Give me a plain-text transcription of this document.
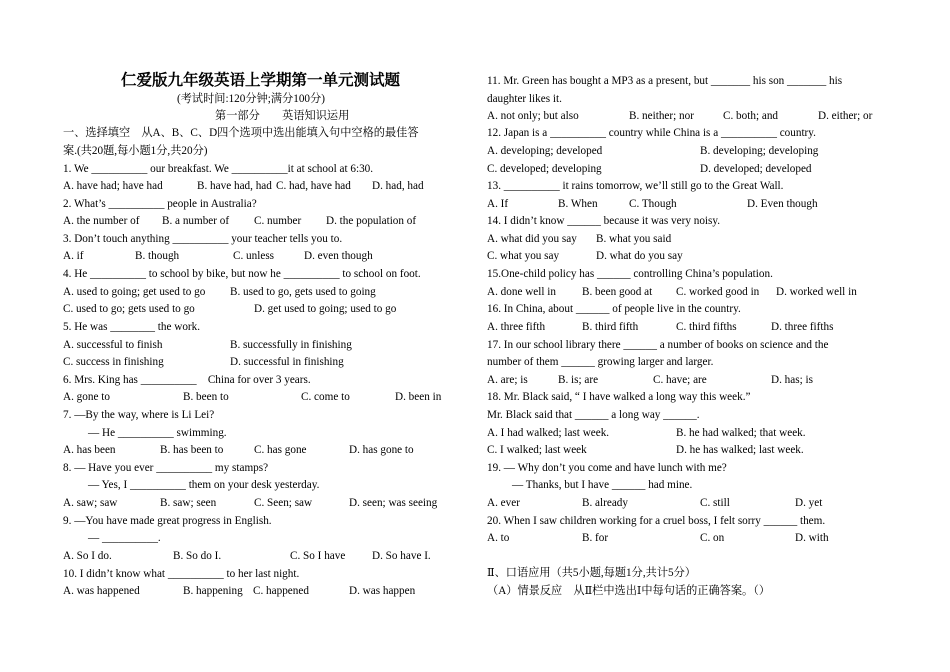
仁爱版九年级英语上学期第一单元测试题
(考试时间:120分钟;满分100分)
第一部分　　英语知识运用
一、选择填空　从A、B、C、D四个选项中选出能填入句中空格的最佳答
案.(共20题,每小题1分,共20分)
1. We __________ our breakfast. We __________it at school at 6:30.
A. have had; have had	B. have had, had C. had, have had D. had, had
2. What’s __________ people in Australia?
A. the number of B. a number of C. number D. the population of
3. Don’t touch anything __________ your teacher tells you to.
A. if	B. though	C. unless	D. even though
4. He __________ to school by bike, but now he __________ to school on foot.
A. used to going; get used to go B. used to go, gets used to going
C. used to go; gets used to go	D. get used to going; used to go
5. He was ________ the work.
A. successful to finish	B. successfully in finishing
C. success in finishing	D. successful in finishing
6. Mrs. King has __________　China for over 3 years.
A. gone to	B. been to	C. come to	D. been in
7. ―By the way, where is Li Lei?
― He __________ swimming.
A. has been	B. has been to	C. has gone	D. has gone to
8. ― Have you ever __________ my stamps?
― Yes, I __________ them on your desk yesterday.
A. saw; saw	B. saw; seen	C. Seen; saw	D. seen; was seeing
9. ―You have made great progress in English.
― __________.
A. So I do.	B. So do I.	C. So I have D. So have I.
10. I didn’t know what __________ to her last night.
A. was happened	B. happening C. happened	D. was happen
11. Mr. Green has bought a MP3 as a present, but _______ his son _______ his
daughter likes it.
A. not only; but also	B. neither; nor	C. both; and	D. either; or
12. Japan is a __________ country while China is a __________ country.
A. developing; developed	B. developing; developing
C. developed; developing	D. developed; developed
13. __________ it rains tomorrow, we’ll still go to the Great Wall.
A. If	B. When	C. Though	D. Even though
14. I didn’t know ______ because it was very noisy.
A. what did you say B. what you said
C. what you say	D. what do you say
15.One-child policy has ______ controlling China’s population.
A. done well in B. been good at C. worked good in D. worked well in
16. In China, about ______ of people live in the country.
A. three fifth	B. third fifth	C. third fifths	D. three fifths
17. In our school library there ______ a number of books on science and the
number of them ______ growing larger and larger.
A. are; is	B. is; are	C. have; are	D. has; is
18. Mr. Black said, “ I have walked a long way this week.”
Mr. Black said that ______ a long way ______.
A. I had walked; last week.	B. he had walked; that week.
C. I walked; last week	D. he has walked; last week.
19. ― Why don’t you come and have lunch with me?
― Thanks, but I have ______ had mine.
A. ever	B. already	C. still	D. yet
20. When I saw children working for a cruel boss, I felt sorry ______ them.
A. to	B. for	C. on	D. with
Ⅱ、口语应用（共5小题,每题1分,共计5分）
（A）情景反应　从Ⅱ栏中选出Ⅰ中每句话的正确答案。（）
